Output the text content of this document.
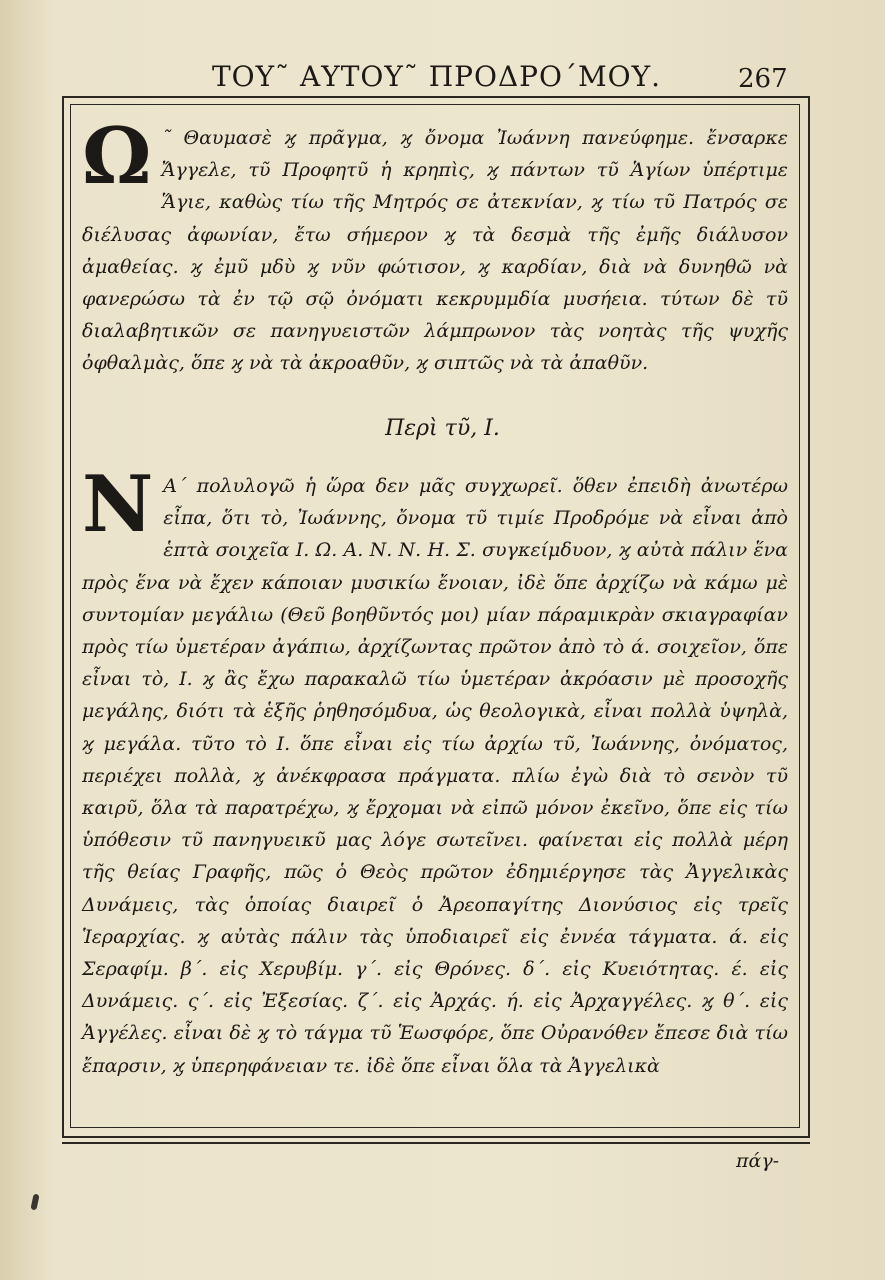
ΤΟΥ˜ ΑΥΤΟΥ˜ ΠΡΟΔΡΟ΄ΜΟΥ.	267
Ω ˜ Θαυμασὲ ϗ πρᾶγμα, ϗ ὄνομα Ἰωάννη πανεύφημε. ἔνσαρκε Ἄγγελε, τῦ Προφητῦ ἡ κρηπὶς, ϗ πάντων τῦ Ἁγίων ὑπέρτιμε Ἅγιε, καθὼς τίω τῆς Μητρός σε ἀτεκνίαν, ϗ τίω τῦ Πατρός σε διέλυσας ἀφωνίαν, ἔτω σήμερον ϗ τὰ δεσμὰ τῆς ἐμῆς διάλυσον ἀμαθείας. ϗ ἐμῦ μδὺ ϗ νῦν φώτισον, ϗ καρδίαν, διὰ νὰ δυνηθῶ νὰ φανερώσω τὰ ἐν τῷ σῷ ὀνόματι κεκρυμμδία μυσήεια. τύτων δὲ τῦ διαλαβητικῶν σε πανηγυειστῶν λάμπρωνον τὰς νοητὰς τῆς ψυχῆς ὀφθαλμὰς, ὅπε ϗ νὰ τὰ ἀκροαθῦν, ϗ σιπτῶς νὰ τὰ ἀπαθῦν.
Περὶ τῦ, Ι.
Ν Α΄ πολυλογῶ ἡ ὥρα δεν μᾶς συγχωρεῖ. ὅθεν ἐπειδὴ ἀνωτέρω εἶπα, ὅτι τὸ, Ἰωάννης, ὄνομα τῦ τιμίε Προδρόμε νὰ εἶναι ἀπὸ ἑπτὰ σοιχεῖα Ι. Ω. Α. Ν. Ν. Η. Σ. συγκείμδυον, ϗ αὐτὰ πάλιν ἕνα πρὸς ἕνα νὰ ἔχεν κάποιαν μυσικίω ἔνοιαν, ἰδὲ ὅπε ἀρχίζω νὰ κάμω μὲ συντομίαν μεγάλιω (Θεῦ βοηθῦντός μοι) μίαν πάραμικρὰν σκιαγραφίαν πρὸς τίω ὑμετέραν ἀγάπιω, ἀρχίζωντας πρῶτον ἀπὸ τὸ ά. σοιχεῖον, ὅπε εἶναι τὸ, Ι. ϗ ἂς ἔχω παρακαλῶ τίω ὑμετέραν ἀκρόασιν μὲ προσοχῆς μεγάλης, διότι τὰ ἑξῆς ῥηθησόμδυα, ὡς θεολογικὰ, εἶναι πολλὰ ὑψηλὰ, ϗ μεγάλα. τῦτο τὸ Ι. ὅπε εἶναι εἰς τίω ἀρχίω τῦ, Ἰωάννης, ὀνόματος, περιέχει πολλὰ, ϗ ἀνέκφρασα πράγματα. πλίω ἐγὼ διὰ τὸ σενὸν τῦ καιρῦ, ὅλα τὰ παρατρέχω, ϗ ἔρχομαι νὰ εἰπῶ μόνον ἐκεῖνο, ὅπε εἰς τίω ὑπόθεσιν τῦ πανηγυεικῦ μας λόγε σωτεῖνει. φαίνεται εἰς πολλὰ μέρη τῆς θείας Γραφῆς, πῶς ὁ Θεὸς πρῶτον ἐδημιέργησε τὰς Ἀγγελικὰς Δυνάμεις, τὰς ὁποίας διαιρεῖ ὁ Ἀρεοπαγίτης Διονύσιος εἰς τρεῖς Ἱεραρχίας. ϗ αὐτὰς πάλιν τὰς ὑποδιαιρεῖ εἰς ἐννέα τάγματα. ά. εἰς Σεραφίμ. β΄. εἰς Χερυβίμ. γ΄. εἰς Θρόνες. δ΄. εἰς Κυειότητας. έ. εἰς Δυνάμεις. ς΄. εἰς Ἐξεσίας. ζ΄. εἰς Ἀρχάς. ή. εἰς Ἀρχαγγέλες. ϗ θ΄. εἰς Ἀγγέλες. εἶναι δὲ ϗ τὸ τάγμα τῦ Ἑωσφόρε, ὅπε Οὐρανόθεν ἔπεσε διὰ τίω ἔπαρσιν, ϗ ὑπερηφάνειαν τε. ἰδὲ ὅπε εἶναι ὅλα τὰ Ἀγγελικὰ
πάγ-
